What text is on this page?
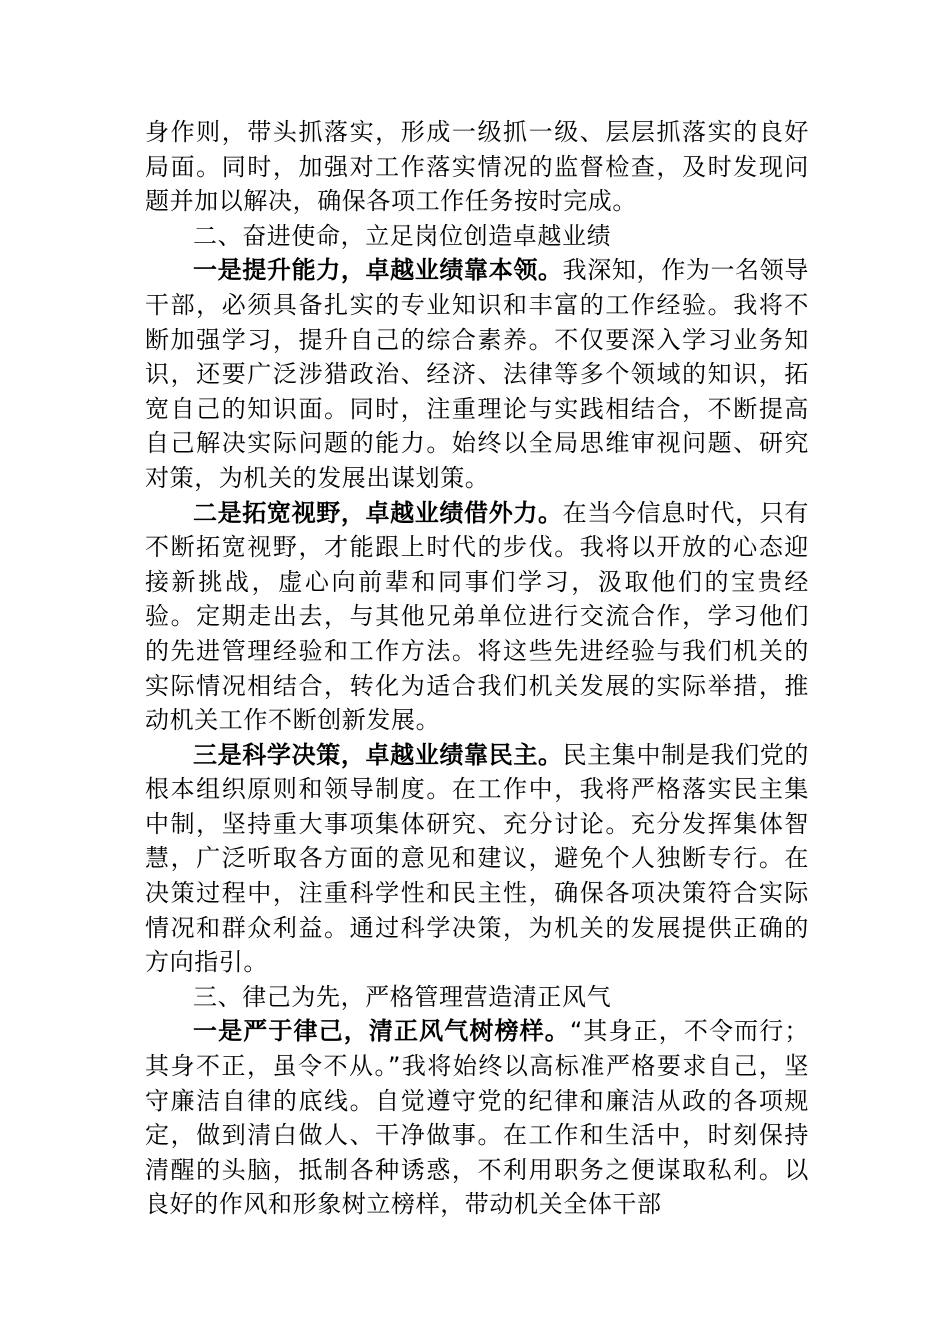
身作则，带头抓落实，形成一级抓一级、层层抓落实的良好局面。同时，加强对工作落实情况的监督检查，及时发现问题并加以解决，确保各项工作任务按时完成。

二、奋进使命，立足岗位创造卓越业绩

一是提升能力，卓越业绩靠本领。我深知，作为一名领导干部，必须具备扎实的专业知识和丰富的工作经验。我将不断加强学习，提升自己的综合素养。不仅要深入学习业务知识，还要广泛涉猎政治、经济、法律等多个领域的知识，拓宽自己的知识面。同时，注重理论与实践相结合，不断提高自己解决实际问题的能力。始终以全局思维审视问题、研究对策，为机关的发展出谋划策。

二是拓宽视野，卓越业绩借外力。在当今信息时代，只有不断拓宽视野，才能跟上时代的步伐。我将以开放的心态迎接新挑战，虚心向前辈和同事们学习，汲取他们的宝贵经验。定期走出去，与其他兄弟单位进行交流合作，学习他们的先进管理经验和工作方法。将这些先进经验与我们机关的实际情况相结合，转化为适合我们机关发展的实际举措，推动机关工作不断创新发展。

三是科学决策，卓越业绩靠民主。民主集中制是我们党的根本组织原则和领导制度。在工作中，我将严格落实民主集中制，坚持重大事项集体研究、充分讨论。充分发挥集体智慧，广泛听取各方面的意见和建议，避免个人独断专行。在决策过程中，注重科学性和民主性，确保各项决策符合实际情况和群众利益。通过科学决策，为机关的发展提供正确的方向指引。

三、律己为先，严格管理营造清正风气

一是严于律己，清正风气树榜样。“其身正，不令而行；其身不正，虽令不从。”我将始终以高标准严格要求自己，坚守廉洁自律的底线。自觉遵守党的纪律和廉洁从政的各项规定，做到清白做人、干净做事。在工作和生活中，时刻保持清醒的头脑，抵制各种诱惑，不利用职务之便谋取私利。以良好的作风和形象树立榜样，带动机关全体干部
